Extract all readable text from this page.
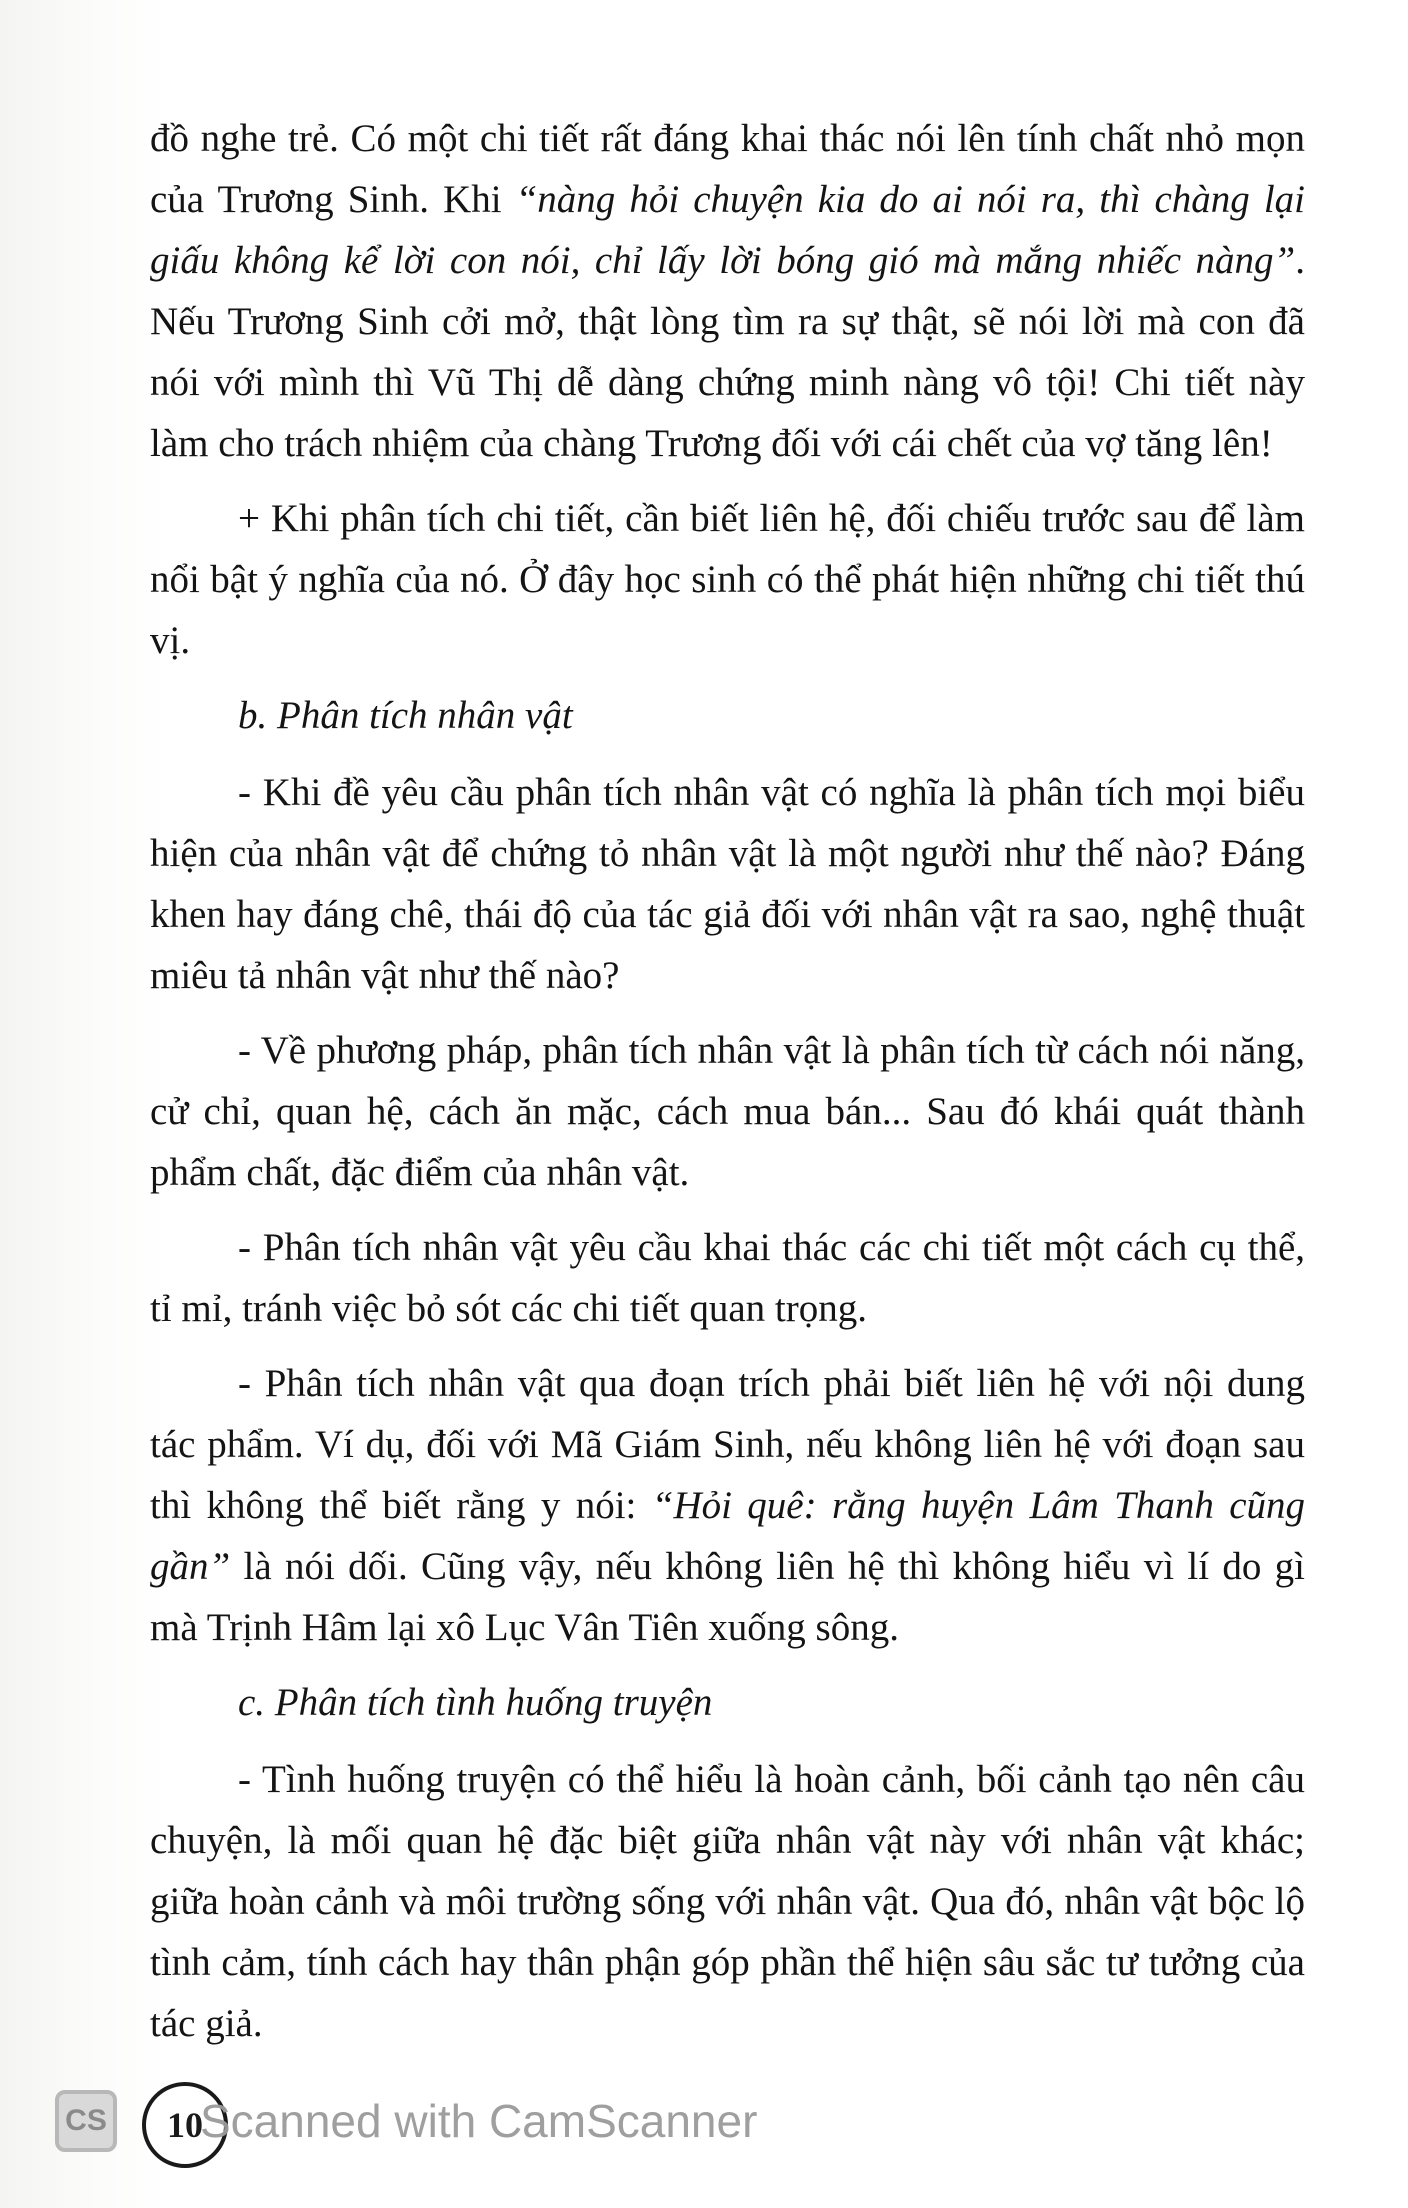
đồ nghe trẻ. Có một chi tiết rất đáng khai thác nói lên tính chất nhỏ mọn của Trương Sinh. Khi “nàng hỏi chuyện kia do ai nói ra, thì chàng lại giấu không kể lời con nói, chỉ lấy lời bóng gió mà mắng nhiếc nàng”. Nếu Trương Sinh cởi mở, thật lòng tìm ra sự thật, sẽ nói lời mà con đã nói với mình thì Vũ Thị dễ dàng chứng minh nàng vô tội! Chi tiết này làm cho trách nhiệm của chàng Trương đối với cái chết của vợ tăng lên!

+ Khi phân tích chi tiết, cần biết liên hệ, đối chiếu trước sau để làm nổi bật ý nghĩa của nó. Ở đây học sinh có thể phát hiện những chi tiết thú vị.

b. Phân tích nhân vật

- Khi đề yêu cầu phân tích nhân vật có nghĩa là phân tích mọi biểu hiện của nhân vật để chứng tỏ nhân vật là một người như thế nào? Đáng khen hay đáng chê, thái độ của tác giả đối với nhân vật ra sao, nghệ thuật miêu tả nhân vật như thế nào?

- Về phương pháp, phân tích nhân vật là phân tích từ cách nói năng, cử chỉ, quan hệ, cách ăn mặc, cách mua bán... Sau đó khái quát thành phẩm chất, đặc điểm của nhân vật.

- Phân tích nhân vật yêu cầu khai thác các chi tiết một cách cụ thể, tỉ mỉ, tránh việc bỏ sót các chi tiết quan trọng.

- Phân tích nhân vật qua đoạn trích phải biết liên hệ với nội dung tác phẩm. Ví dụ, đối với Mã Giám Sinh, nếu không liên hệ với đoạn sau thì không thể biết rằng y nói: “Hỏi quê: rằng huyện Lâm Thanh cũng gần” là nói dối. Cũng vậy, nếu không liên hệ thì không hiểu vì lí do gì mà Trịnh Hâm lại xô Lục Vân Tiên xuống sông.

c. Phân tích tình huống truyện

- Tình huống truyện có thể hiểu là hoàn cảnh, bối cảnh tạo nên câu chuyện, là mối quan hệ đặc biệt giữa nhân vật này với nhân vật khác; giữa hoàn cảnh và môi trường sống với nhân vật. Qua đó, nhân vật bộc lộ tình cảm, tính cách hay thân phận góp phần thể hiện sâu sắc tư tưởng của tác giả.

CS	10
Scanned with CamScanner
